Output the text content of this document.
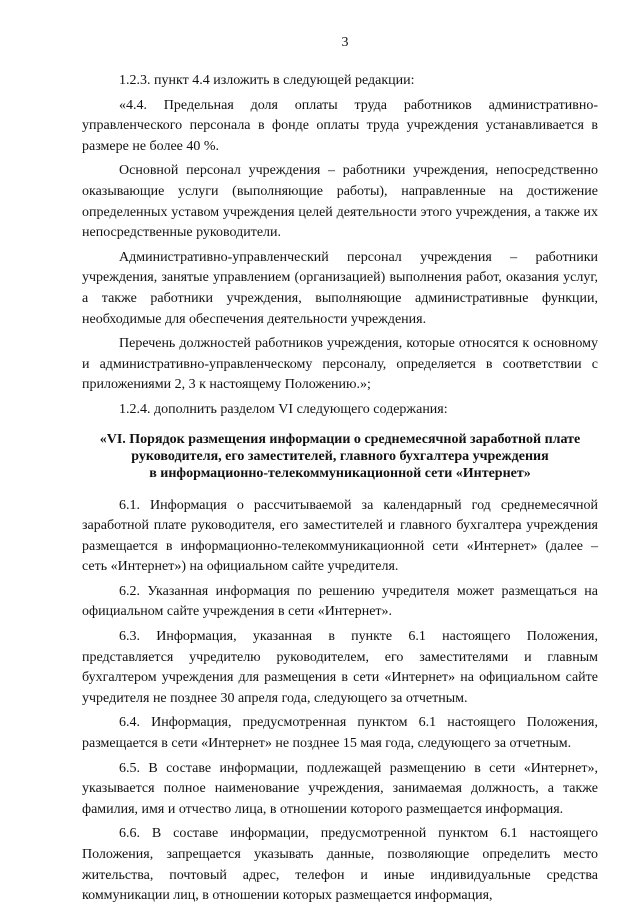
3

1.2.3. пункт 4.4 изложить в следующей редакции:

«4.4. Предельная доля оплаты труда работников административно-управленческого персонала в фонде оплаты труда учреждения устанавливается в размере не более 40 %.

Основной персонал учреждения – работники учреждения, непосредственно оказывающие услуги (выполняющие работы), направленные на достижение определенных уставом учреждения целей деятельности этого учреждения, а также их непосредственные руководители.

Административно-управленческий персонал учреждения – работники учреждения, занятые управлением (организацией) выполнения работ, оказания услуг, а также работники учреждения, выполняющие административные функции, необходимые для обеспечения деятельности учреждения.

Перечень должностей работников учреждения, которые относятся к основному и административно-управленческому персоналу, определяется в соответствии с приложениями 2, 3 к настоящему Положению.»;

1.2.4. дополнить разделом VI следующего содержания:

«VI. Порядок размещения информации о среднемесячной заработной плате
руководителя, его заместителей, главного бухгалтера учреждения
в информационно-телекоммуникационной сети «Интернет»

6.1. Информация о рассчитываемой за календарный год среднемесячной заработной плате руководителя, его заместителей и главного бухгалтера учреждения размещается в информационно-телекоммуникационной сети «Интернет» (далее – сеть «Интернет») на официальном сайте учредителя.

6.2. Указанная информация по решению учредителя может размещаться на официальном сайте учреждения в сети «Интернет».

6.3. Информация, указанная в пункте 6.1 настоящего Положения, представляется учредителю руководителем, его заместителями и главным бухгалтером учреждения для размещения в сети «Интернет» на официальном сайте учредителя не позднее 30 апреля года, следующего за отчетным.

6.4. Информация, предусмотренная пунктом 6.1 настоящего Положения, размещается в сети «Интернет» не позднее 15 мая года, следующего за отчетным.

6.5. В составе информации, подлежащей размещению в сети «Интернет», указывается полное наименование учреждения, занимаемая должность, а также фамилия, имя и отчество лица, в отношении которого размещается информация.

6.6. В составе информации, предусмотренной пунктом 6.1 настоящего Положения, запрещается указывать данные, позволяющие определить место жительства, почтовый адрес, телефон и иные индивидуальные средства коммуникации лиц, в отношении которых размещается информация,
